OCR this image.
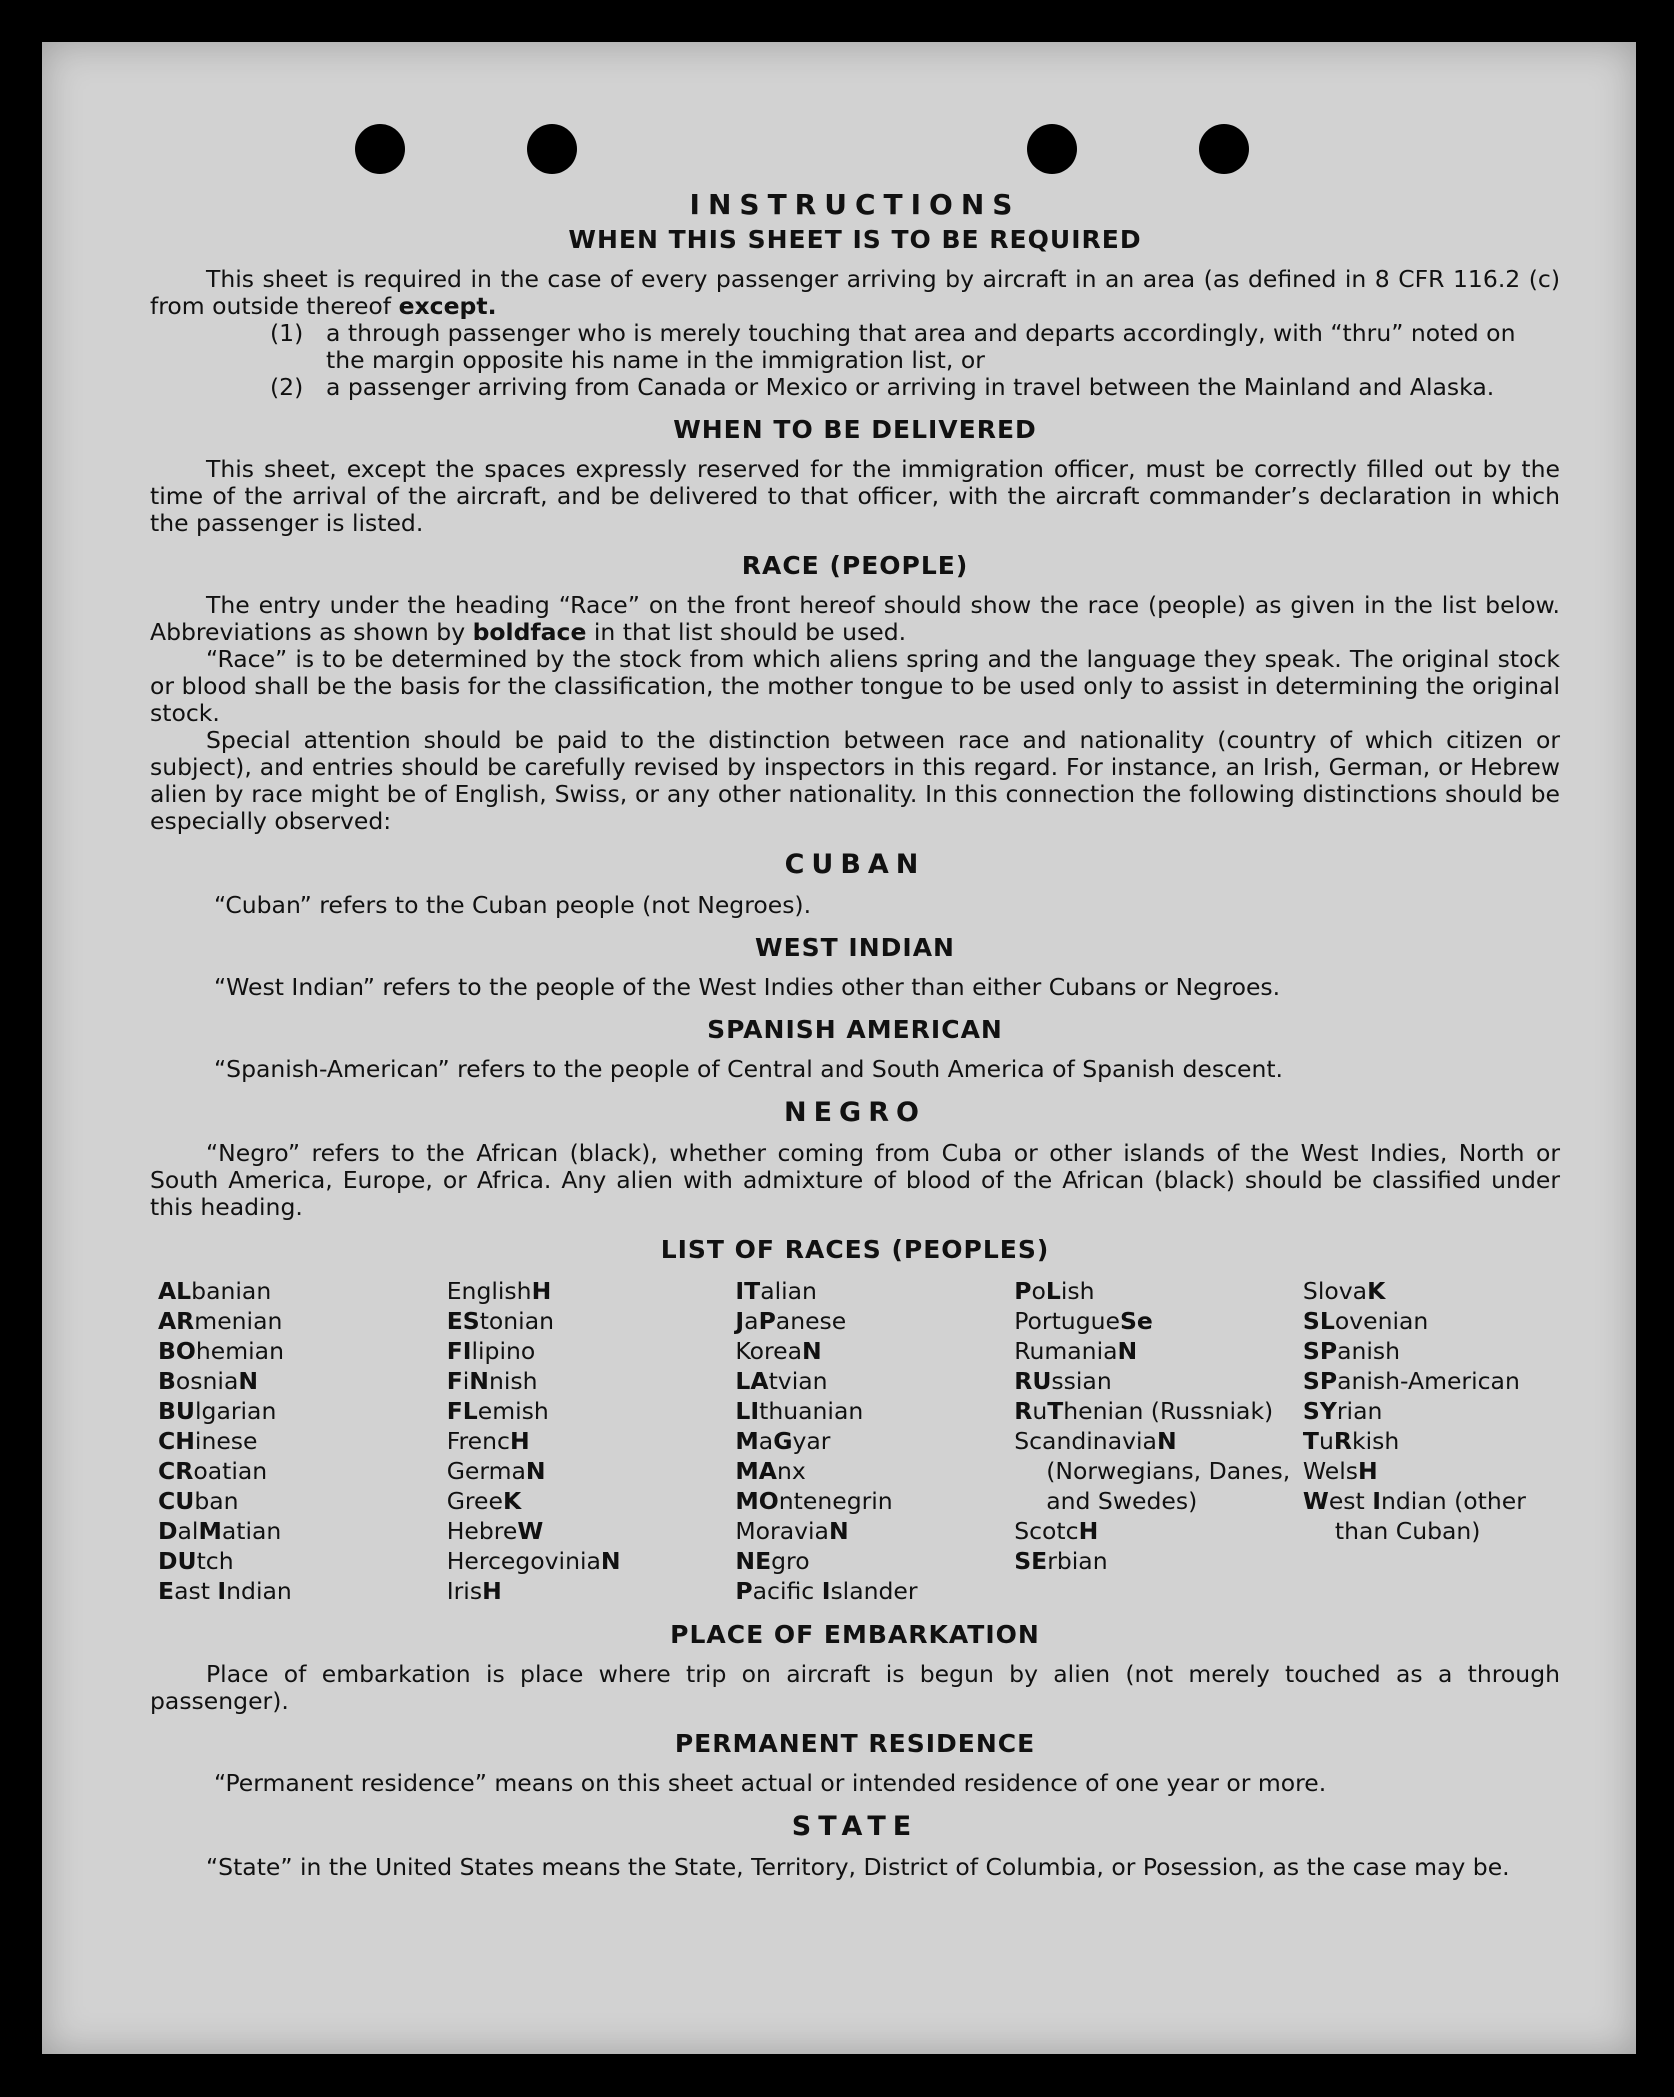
INSTRUCTIONS
WHEN THIS SHEET IS TO BE REQUIRED

This sheet is required in the case of every passenger arriving by aircraft in an area (as defined in 8 CFR 116.2 (c) from outside thereof except.

(1) a through passenger who is merely touching that area and departs accordingly, with “thru” noted on the margin opposite his name in the immigration list, or
(2) a passenger arriving from Canada or Mexico or arriving in travel between the Mainland and Alaska.
WHEN TO BE DELIVERED

This sheet, except the spaces expressly reserved for the immigration officer, must be correctly filled out by the time of the arrival of the aircraft, and be delivered to that officer, with the aircraft commander’s declaration in which the passenger is listed.

RACE (PEOPLE)

The entry under the heading “Race” on the front hereof should show the race (people) as given in the list below. Abbreviations as shown by boldface in that list should be used.

“Race” is to be determined by the stock from which aliens spring and the language they speak. The original stock or blood shall be the basis for the classification, the mother tongue to be used only to assist in determining the original stock.

Special attention should be paid to the distinction between race and nationality (country of which citizen or subject), and entries should be carefully revised by inspectors in this regard. For instance, an Irish, German, or Hebrew alien by race might be of English, Swiss, or any other nationality. In this connection the following distinctions should be especially observed:

CUBAN
“Cuban” refers to the Cuban people (not Negroes).
WEST INDIAN
“West Indian” refers to the people of the West Indies other than either Cubans or Negroes.
SPANISH AMERICAN
“Spanish-American” refers to the people of Central and South America of Spanish descent.
NEGRO

“Negro” refers to the African (black), whether coming from Cuba or other islands of the West Indies, North or South America, Europe, or Africa. Any alien with admixture of blood of the African (black) should be classified under this heading.

LIST OF RACES (PEOPLES)
ALbanian
ARmenian
BOhemian
BosniaN
BUlgarian
CHinese
CRoatian
CUban
DalMatian
DUtch
East Indian
EnglishH
EStonian
FIlipino
FiNnish
FLemish
FrencH
GermaN
GreeK
HebreW
HercegoviniaN
IrisH
ITalian
JaPanese
KoreaN
LAtvian
LIthuanian
MaGyar
MAnx
MOntenegrin
MoraviaN
NEgro
Pacific Islander
PoLish
PortugueSe
RumaniaN
RUssian
RuThenian (Russniak)
ScandinaviaN (Norwegians, Danes, and Swedes)
ScotcH
SErbian
SlovaK
SLovenian
SPanish
SPanish-American
SYrian
TuRkish
WelsH
West Indian (other than Cuban)
PLACE OF EMBARKATION

Place of embarkation is place where trip on aircraft is begun by alien (not merely touched as a through passenger).

PERMANENT RESIDENCE
“Permanent residence” means on this sheet actual or intended residence of one year or more.
STATE

“State” in the United States means the State, Territory, District of Columbia, or Posession, as the case may be.
